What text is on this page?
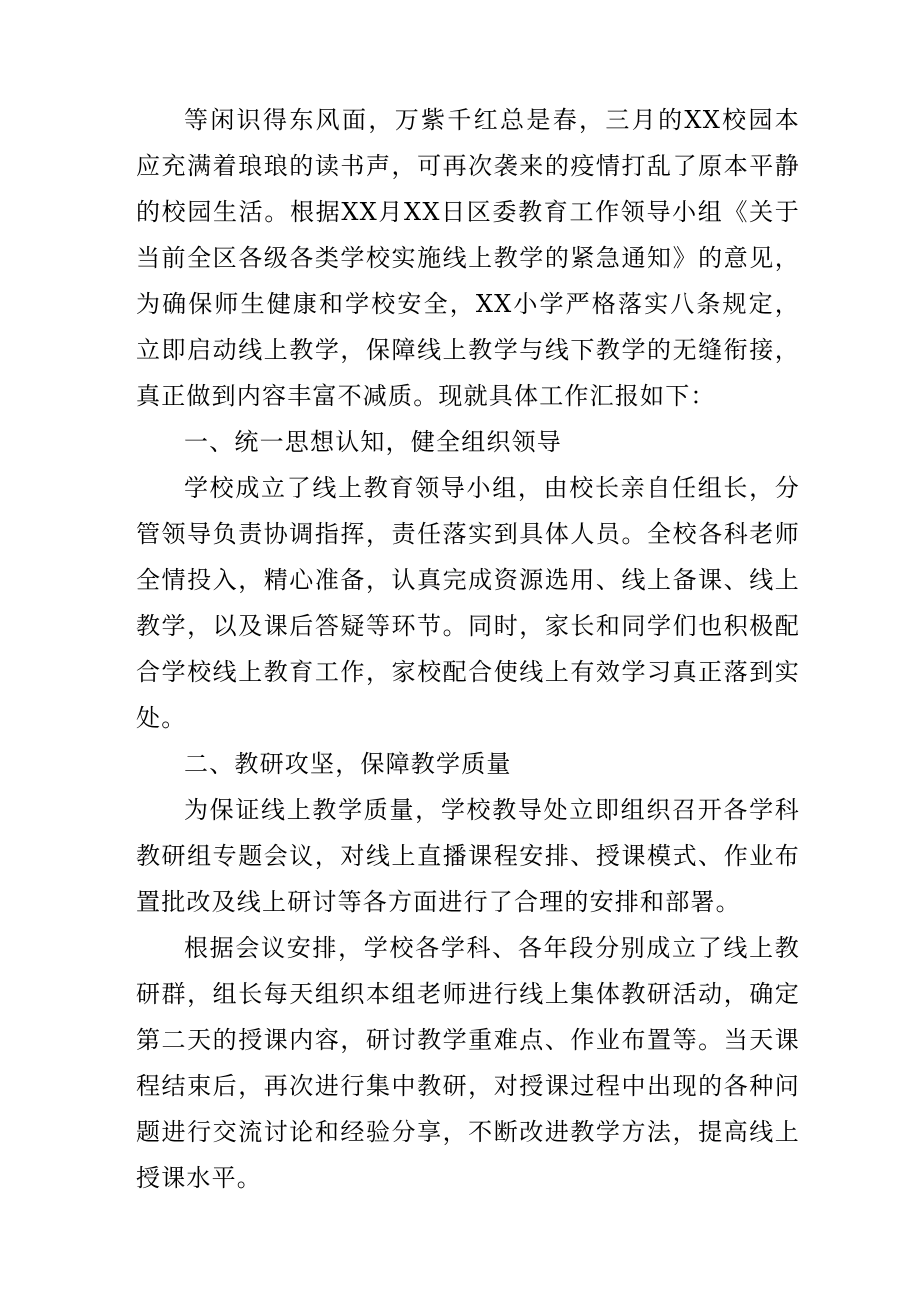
等闲识得东风面，万紫千红总是春，三月的XX校园本应充满着琅琅的读书声，可再次袭来的疫情打乱了原本平静的校园生活。根据XX月XX日区委教育工作领导小组《关于当前全区各级各类学校实施线上教学的紧急通知》的意见，为确保师生健康和学校安全，XX小学严格落实八条规定，立即启动线上教学，保障线上教学与线下教学的无缝衔接，真正做到内容丰富不减质。现就具体工作汇报如下：

一、统一思想认知，健全组织领导

学校成立了线上教育领导小组，由校长亲自任组长，分管领导负责协调指挥，责任落实到具体人员。全校各科老师全情投入，精心准备，认真完成资源选用、线上备课、线上教学，以及课后答疑等环节。同时，家长和同学们也积极配合学校线上教育工作，家校配合使线上有效学习真正落到实处。

二、教研攻坚，保障教学质量

为保证线上教学质量，学校教导处立即组织召开各学科教研组专题会议，对线上直播课程安排、授课模式、作业布置批改及线上研讨等各方面进行了合理的安排和部署。

根据会议安排，学校各学科、各年段分别成立了线上教研群，组长每天组织本组老师进行线上集体教研活动，确定第二天的授课内容，研讨教学重难点、作业布置等。当天课程结束后，再次进行集中教研，对授课过程中出现的各种问题进行交流讨论和经验分享，不断改进教学方法，提高线上授课水平。
